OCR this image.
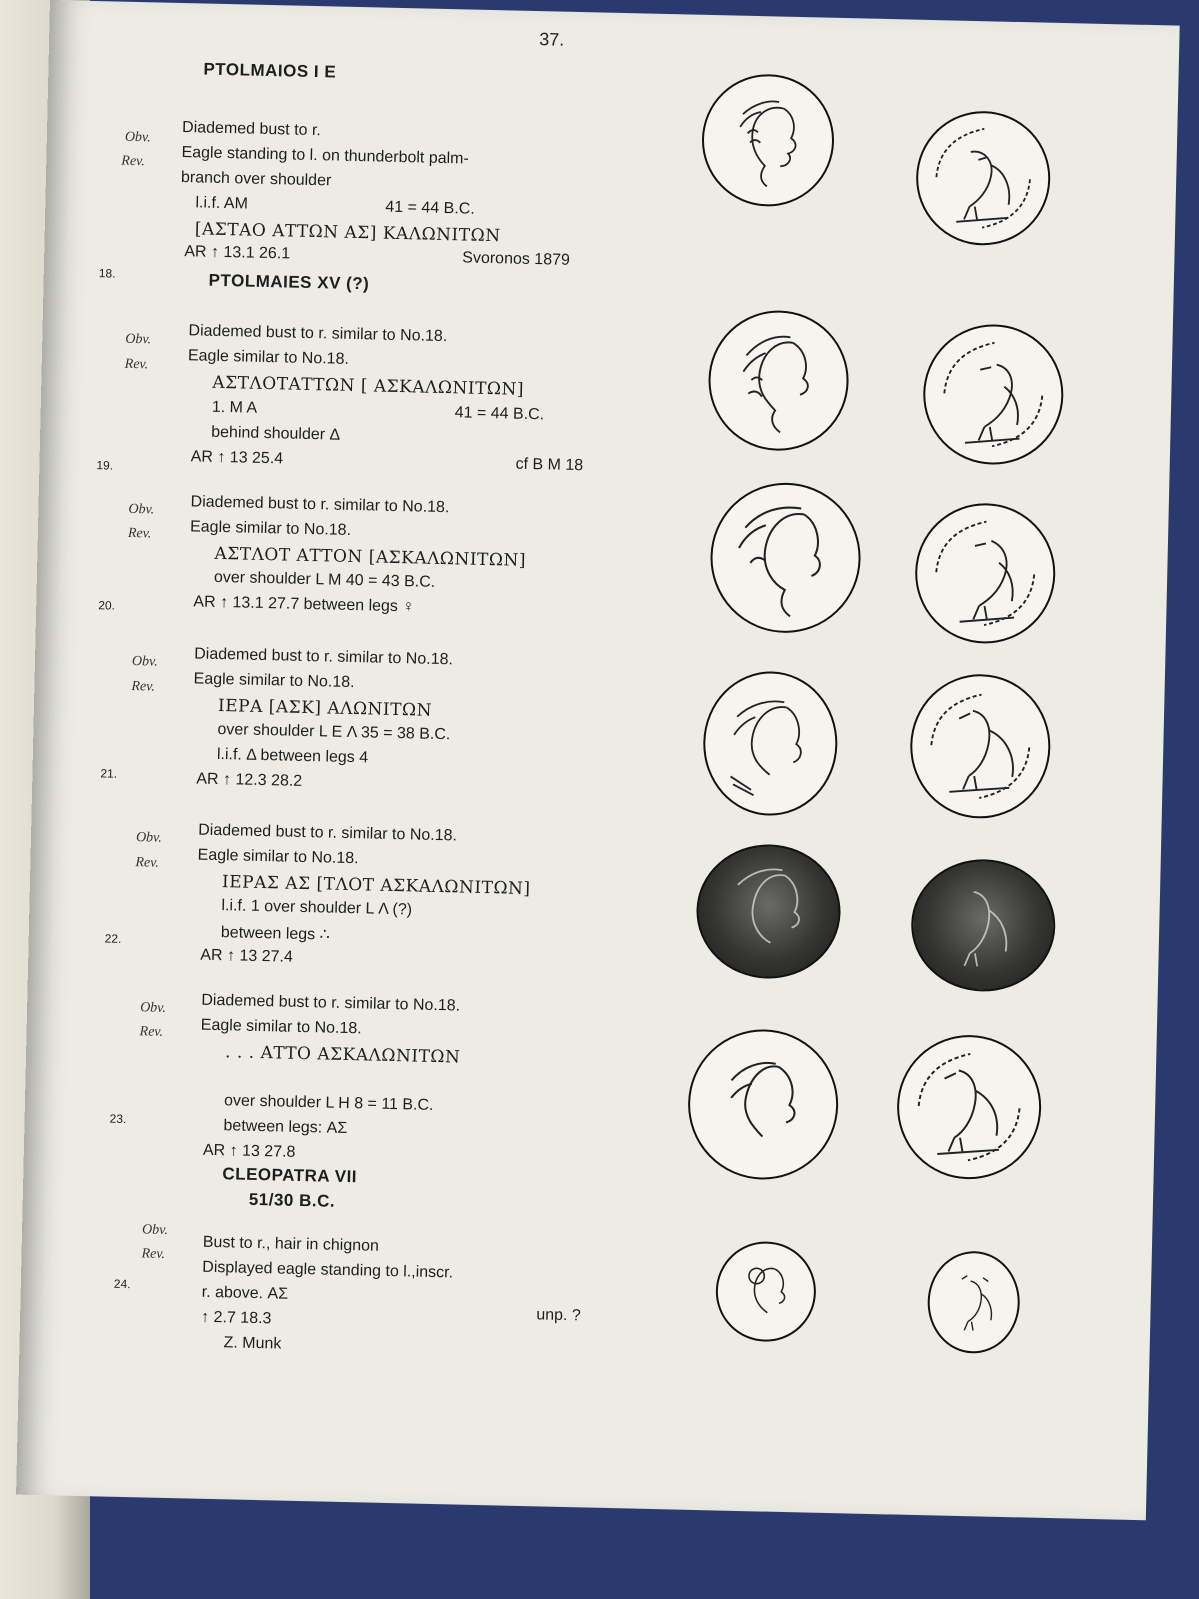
37.
PTOLMAIOS I E
Obv.
Rev.
Diademed bust to r.
Eagle standing to l. on thunderbolt palm-
branch over shoulder
l.i.f. AM	41 = 44 B.C.
[ΑΣΤΑΟ ΑΤΤΩΝ ΑΣ] ΚΑΛΩΝΙΤΩΝ
AR ↑ 13.1 26.1	Svoronos 1879
18.	PTOLMAIES XV (?)
Obv.
Rev.
Diademed bust to r. similar to No.18.
Eagle similar to No.18.
ΑΣΤΛΟΤΑΤΤΩΝ [ ΑΣΚΑΛΩΝΙΤΩΝ]
1. M A	41 = 44 B.C.
behind shoulder Δ
AR ↑ 13 25.4	cf B M 18
19.
Obv.
Rev.
Diademed bust to r. similar to No.18.
Eagle similar to No.18.
ΑΣΤΛΟΤ ΑΤΤΟΝ [ΑΣΚΑΛΩΝΙΤΩΝ]
over shoulder L M 40 = 43 B.C.
AR ↑ 13.1 27.7 between legs ♀
20.
Obv.
Rev.
Diademed bust to r. similar to No.18.
Eagle similar to No.18.
ΙΕΡΑ [ΑΣΚ] ΑΛΩΝΙΤΩΝ
over shoulder L E Λ 35 = 38 B.C.
l.i.f. Δ between legs 4
AR ↑ 12.3 28.2
21.
Obv.
Rev.
Diademed bust to r. similar to No.18.
Eagle similar to No.18.
ΙΕΡΑΣ ΑΣ [ΤΛΟΤ ΑΣΚΑΛΩΝΙΤΩΝ]
l.i.f. 1 over shoulder L Λ (?)
between legs ∴
AR ↑ 13 27.4
22.
Obv.
Rev.
Diademed bust to r. similar to No.18.
Eagle similar to No.18.
. . . ΑΤΤΟ ΑΣΚΑΛΩΝΙΤΩΝ
over shoulder L H 8 = 11 B.C.
between legs: ΑΣ
AR ↑ 13 27.8
23.
CLEOPATRA VII
51/30 B.C.
Obv.
Rev. Bust to r., hair in chignon
Displayed eagle standing to l.,inscr.
r. above. ΑΣ
↑ 2.7 18.3	unp. ?
Z. Munk
24.
